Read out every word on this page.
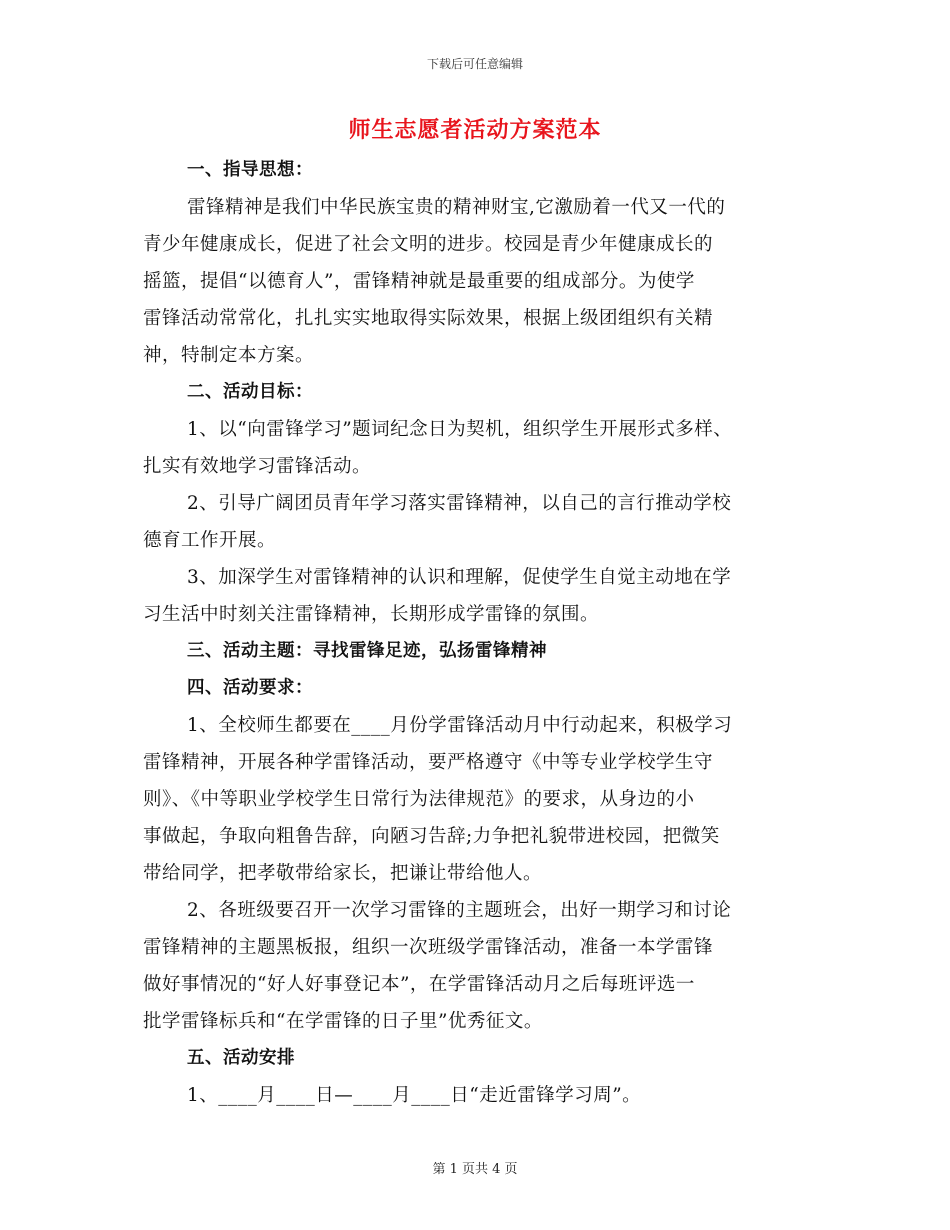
下载后可任意编辑
师生志愿者活动方案范本
一、指导思想：
雷锋精神是我们中华民族宝贵的精神财宝,它激励着一代又一代的
青少年健康成长，促进了社会文明的进步。校园是青少年健康成长的
摇篮，提倡“以德育人”，雷锋精神就是最重要的组成部分。为使学
雷锋活动常常化，扎扎实实地取得实际效果，根据上级团组织有关精
神，特制定本方案。
二、活动目标：
1、以“向雷锋学习”题词纪念日为契机，组织学生开展形式多样、
扎实有效地学习雷锋活动。
2、引导广阔团员青年学习落实雷锋精神，以自己的言行推动学校
德育工作开展。
3、加深学生对雷锋精神的认识和理解，促使学生自觉主动地在学
习生活中时刻关注雷锋精神，长期形成学雷锋的氛围。
三、活动主题：寻找雷锋足迹，弘扬雷锋精神
四、活动要求：
1、全校师生都要在____月份学雷锋活动月中行动起来，积极学习
雷锋精神，开展各种学雷锋活动，要严格遵守《中等专业学校学生守
则》、《中等职业学校学生日常行为法律规范》的要求，从身边的小
事做起，争取向粗鲁告辞，向陋习告辞;力争把礼貌带进校园，把微笑
带给同学，把孝敬带给家长，把谦让带给他人。
2、各班级要召开一次学习雷锋的主题班会，出好一期学习和讨论
雷锋精神的主题黑板报，组织一次班级学雷锋活动，准备一本学雷锋
做好事情况的“好人好事登记本”，在学雷锋活动月之后每班评选一
批学雷锋标兵和“在学雷锋的日子里”优秀征文。
五、活动安排
1、____月____日—____月____日“走近雷锋学习周”。
第 1 页共 4 页
